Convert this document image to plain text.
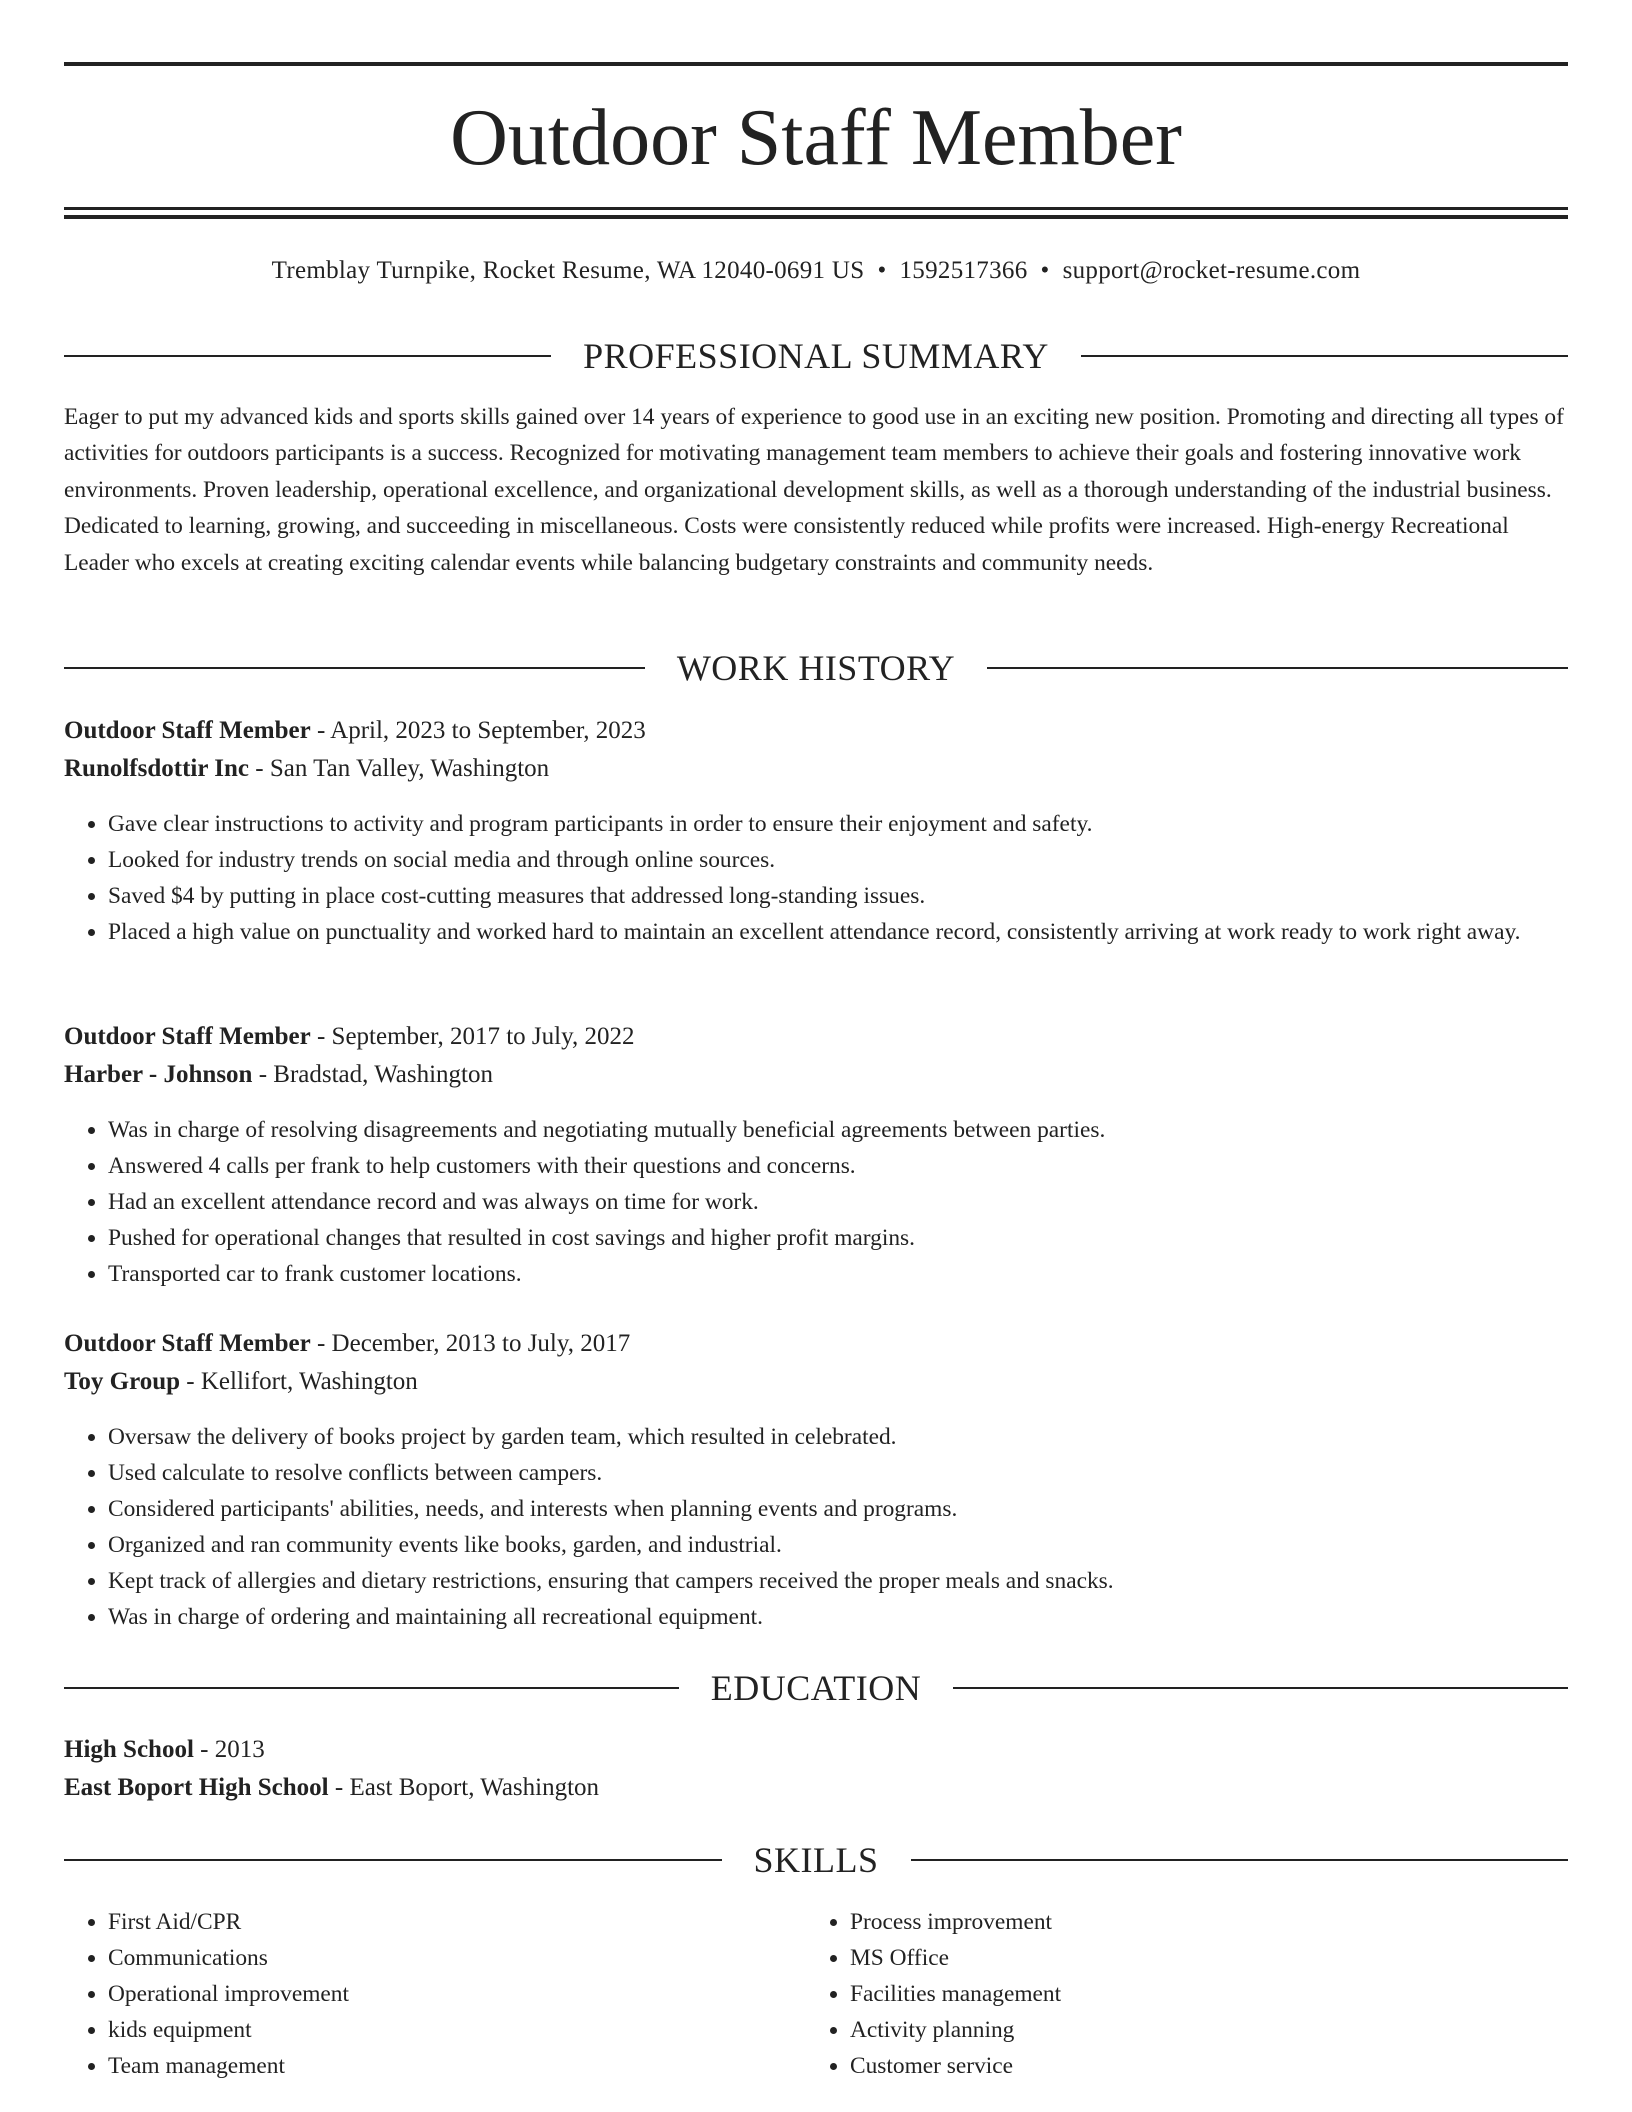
Outdoor Staff Member
Tremblay Turnpike, Rocket Resume, WA 12040-0691 US • 1592517366 • support@rocket-resume.com
PROFESSIONAL SUMMARY

Eager to put my advanced kids and sports skills gained over 14 years of experience to good use in an exciting new position. Promoting and directing all types of activities for outdoors participants is a success. Recognized for motivating management team members to achieve their goals and fostering innovative work environments. Proven leadership, operational excellence, and organizational development skills, as well as a thorough understanding of the industrial business. Dedicated to learning, growing, and succeeding in miscellaneous. Costs were consistently reduced while profits were increased. High-energy Recreational Leader who excels at creating exciting calendar events while balancing budgetary constraints and community needs.

WORK HISTORY
Outdoor Staff Member - April, 2023 to September, 2023
Runolfsdottir Inc - San Tan Valley, Washington
• Gave clear instructions to activity and program participants in order to ensure their enjoyment and safety.
• Looked for industry trends on social media and through online sources.
• Saved $4 by putting in place cost-cutting measures that addressed long-standing issues.
• Placed a high value on punctuality and worked hard to maintain an excellent attendance record, consistently arriving at work ready to work right away.
Outdoor Staff Member - September, 2017 to July, 2022
Harber - Johnson - Bradstad, Washington
• Was in charge of resolving disagreements and negotiating mutually beneficial agreements between parties.
• Answered 4 calls per frank to help customers with their questions and concerns.
• Had an excellent attendance record and was always on time for work.
• Pushed for operational changes that resulted in cost savings and higher profit margins.
• Transported car to frank customer locations.
Outdoor Staff Member - December, 2013 to July, 2017
Toy Group - Kellifort, Washington
• Oversaw the delivery of books project by garden team, which resulted in celebrated.
• Used calculate to resolve conflicts between campers.
• Considered participants' abilities, needs, and interests when planning events and programs.
• Organized and ran community events like books, garden, and industrial.
• Kept track of allergies and dietary restrictions, ensuring that campers received the proper meals and snacks.
• Was in charge of ordering and maintaining all recreational equipment.
EDUCATION
High School - 2013
East Boport High School - East Boport, Washington
SKILLS
• First Aid/CPR
• Communications
• Operational improvement
• kids equipment
• Team management
• Process improvement
• MS Office
• Facilities management
• Activity planning
• Customer service
